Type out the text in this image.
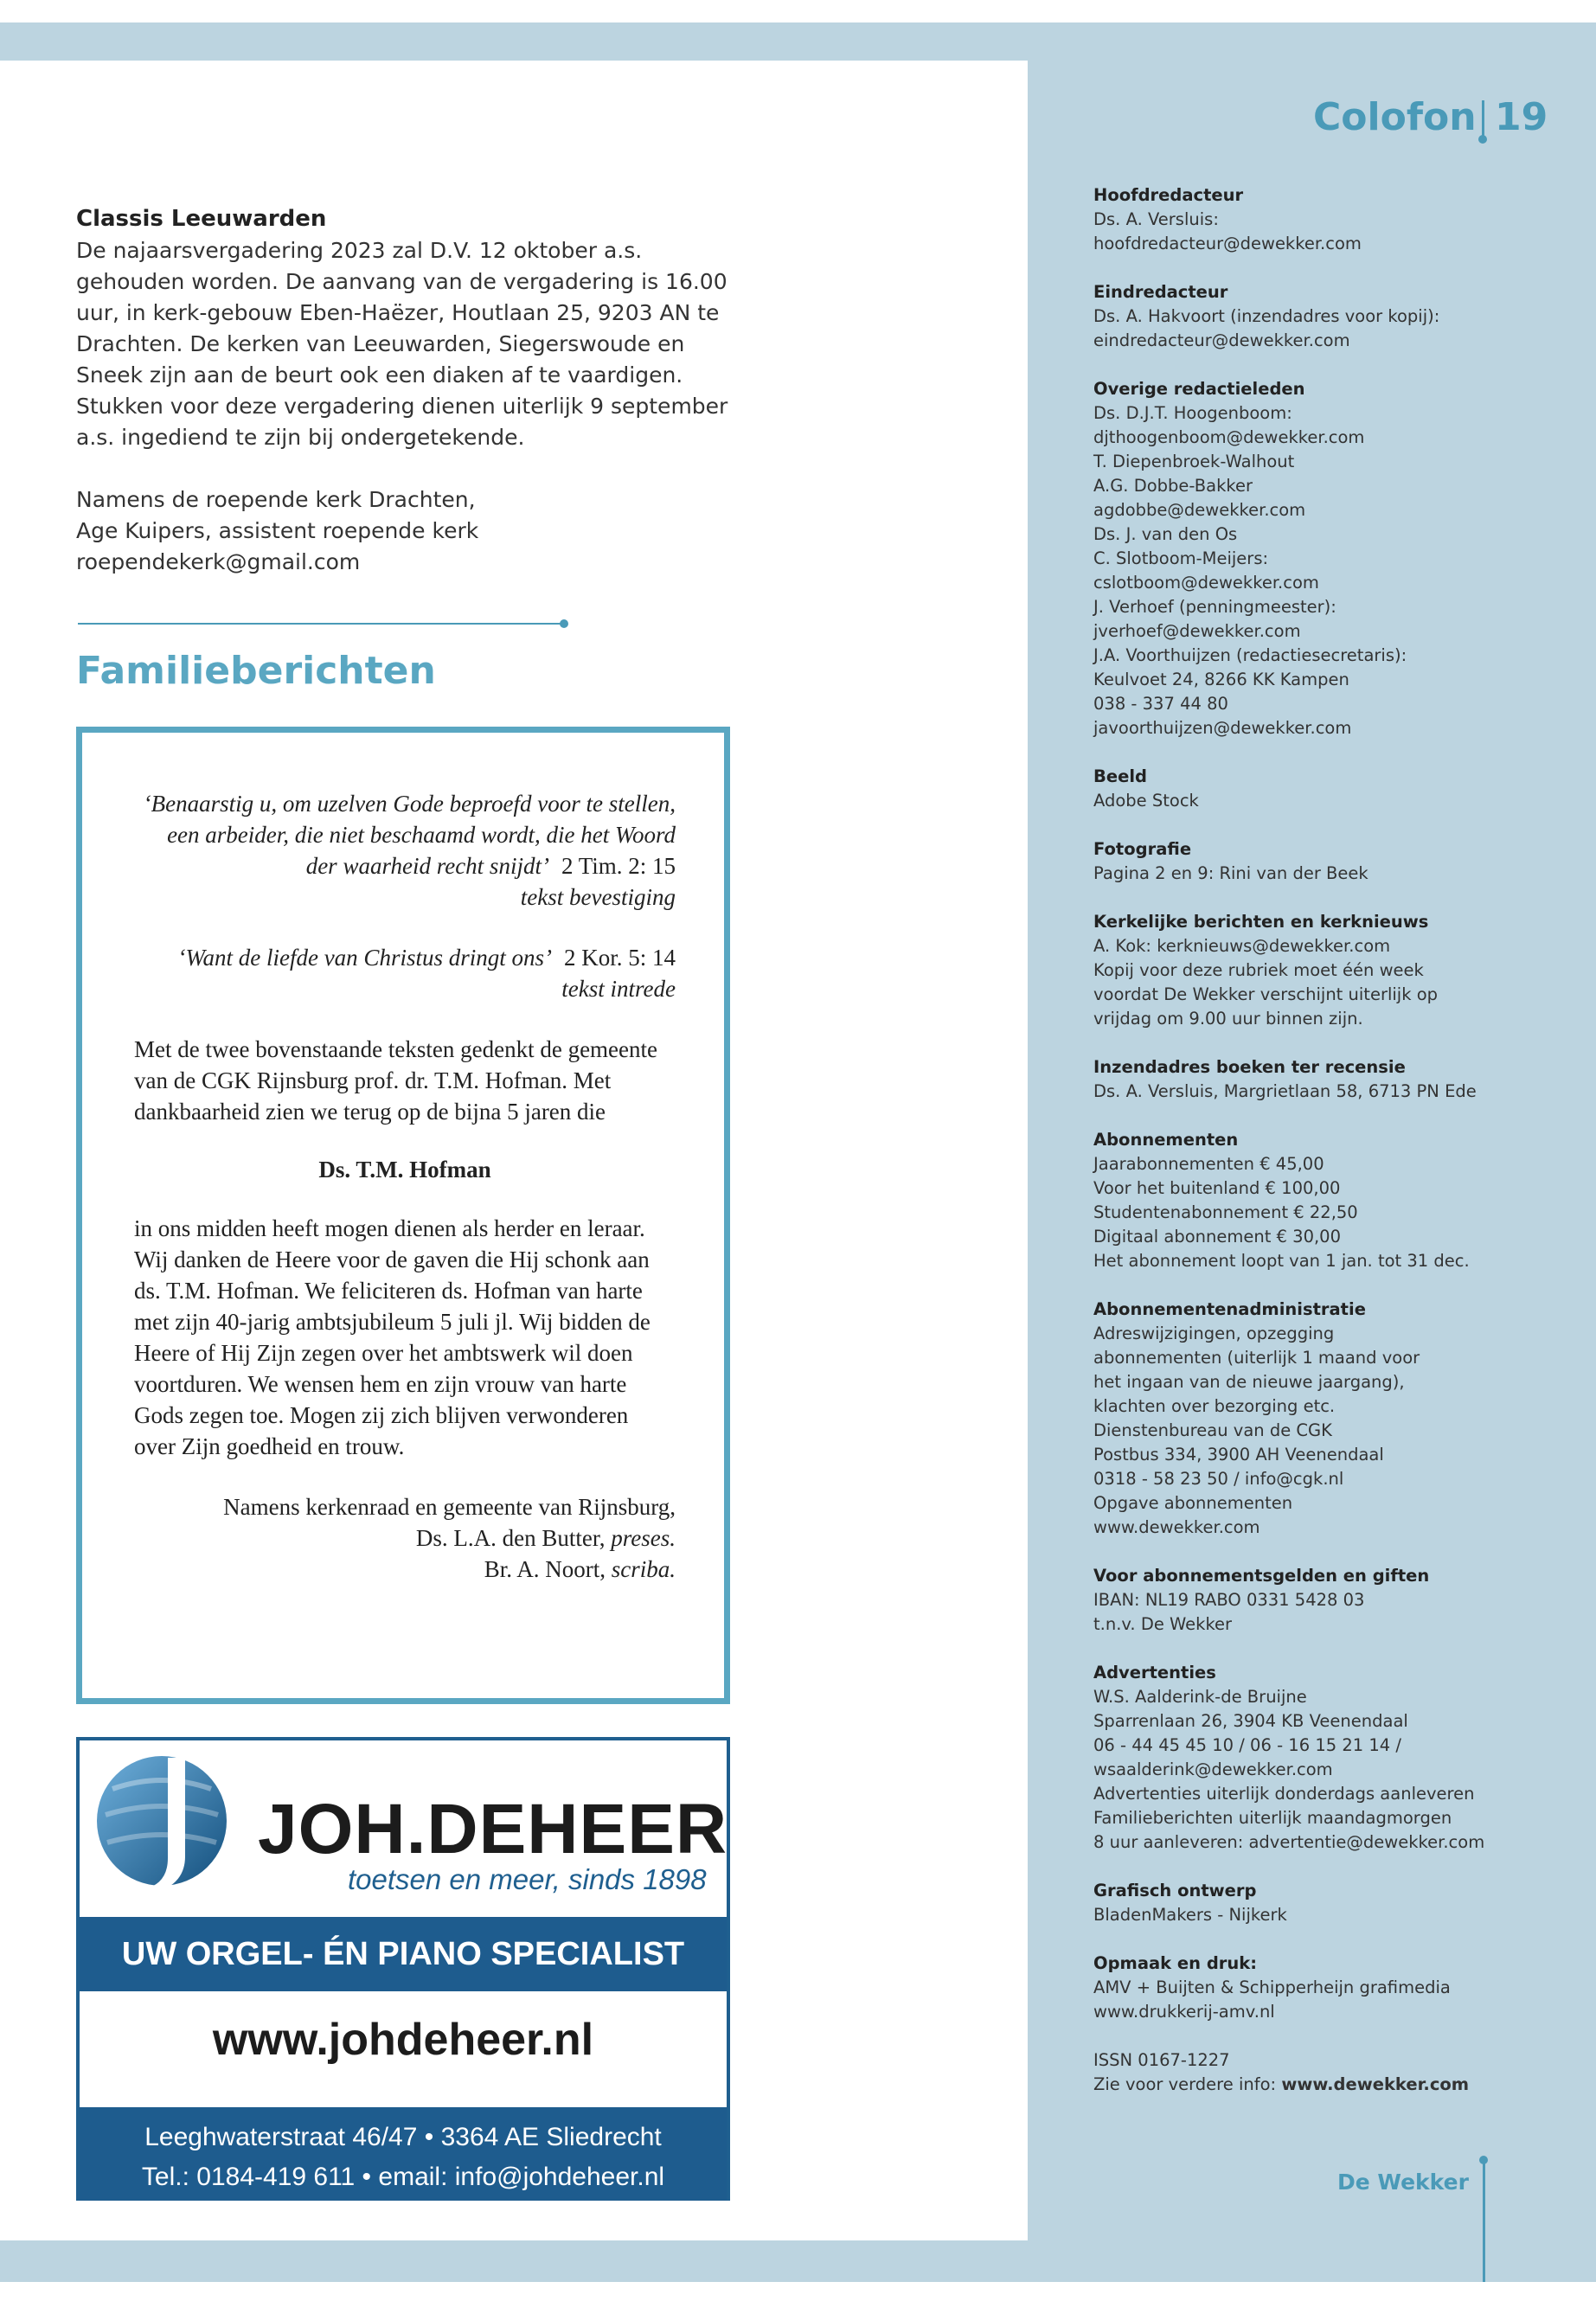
Classis Leeuwarden

De najaarsvergadering 2023 zal D.V. 12 oktober a.s. gehouden worden. De aanvang van de vergadering is 16.00 uur, in kerk-gebouw Eben-Haëzer, Houtlaan 25, 9203 AN te Drachten. De kerken van Leeuwarden, Siegerswoude en Sneek zijn aan de beurt ook een diaken af te vaardigen. Stukken voor deze vergadering dienen uiterlijk 9 september a.s. ingediend te zijn bij ondergetekende.

Namens de roepende kerk Drachten,
Age Kuipers, assistent roepende kerk
roependekerk@gmail.com

Familieberichten
‘Benaarstig u, om uzelven Gode beproefd voor te stellen, een arbeider, die niet beschaamd wordt, die het Woord der waarheid recht snijdt’ 2 Tim. 2: 15
tekst bevestiging
‘Want de liefde van Christus dringt ons’ 2 Kor. 5: 14
tekst intrede

Met de twee bovenstaande teksten gedenkt de gemeente van de CGK Rijnsburg prof. dr. T.M. Hofman. Met dankbaarheid zien we terug op de bijna 5 jaren die

Ds. T.M. Hofman

in ons midden heeft mogen dienen als herder en leraar. Wij danken de Heere voor de gaven die Hij schonk aan ds. T.M. Hofman. We feliciteren ds. Hofman van harte met zijn 40-jarig ambtsjubileum 5 juli jl. Wij bidden de Heere of Hij Zijn zegen over het ambtswerk wil doen voortduren. We wensen hem en zijn vrouw van harte Gods zegen toe. Mogen zij zich blijven verwonderen over Zijn goedheid en trouw.

Namens kerkenraad en gemeente van Rijnsburg,
Ds. L.A. den Butter, preses.
Br. A. Noort, scriba.

JOH.DEHEER
toetsen en meer, sinds 1898
UW ORGEL- ÉN PIANO SPECIALIST
www.johdeheer.nl
Leeghwaterstraat 46/47 • 3364 AE Sliedrecht
Tel.: 0184-419 611 • email: info@johdeheer.nl
Colofon 19
Hoofdredacteur
Ds. A. Versluis:
hoofdredacteur@dewekker.com
Eindredacteur
Ds. A. Hakvoort (inzendadres voor kopij):
eindredacteur@dewekker.com
Overige redactieleden
Ds. D.J.T. Hoogenboom:
djthoogenboom@dewekker.com
T. Diepenbroek-Walhout
A.G. Dobbe-Bakker
agdobbe@dewekker.com
Ds. J. van den Os
C. Slotboom-Meijers:
cslotboom@dewekker.com
J. Verhoef (penningmeester):
jverhoef@dewekker.com
J.A. Voorthuijzen (redactiesecretaris):
Keulvoet 24, 8266 KK Kampen
038 - 337 44 80
javoorthuijzen@dewekker.com
Beeld
Adobe Stock
Fotografie
Pagina 2 en 9: Rini van der Beek
Kerkelijke berichten en kerknieuws
A. Kok: kerknieuws@dewekker.com
Kopij voor deze rubriek moet één week
voordat De Wekker verschijnt uiterlijk op
vrijdag om 9.00 uur binnen zijn.
Inzendadres boeken ter recensie
Ds. A. Versluis, Margrietlaan 58, 6713 PN Ede
Abonnementen
Jaarabonnementen € 45,00
Voor het buitenland € 100,00
Studentenabonnement € 22,50
Digitaal abonnement € 30,00
Het abonnement loopt van 1 jan. tot 31 dec.
Abonnementenadministratie
Adreswijzigingen, opzegging
abonnementen (uiterlijk 1 maand voor
het ingaan van de nieuwe jaargang),
klachten over bezorging etc.
Dienstenbureau van de CGK
Postbus 334, 3900 AH Veenendaal
0318 - 58 23 50 / info@cgk.nl
Opgave abonnementen
www.dewekker.com
Voor abonnementsgelden en giften
IBAN: NL19 RABO 0331 5428 03
t.n.v. De Wekker
Advertenties
W.S. Aalderink-de Bruijne
Sparrenlaan 26, 3904 KB Veenendaal
06 - 44 45 45 10 / 06 - 16 15 21 14 /
wsaalderink@dewekker.com
Advertenties uiterlijk donderdags aanleveren
Familieberichten uiterlijk maandagmorgen
8 uur aanleveren: advertentie@dewekker.com
Grafisch ontwerp
BladenMakers - Nijkerk
Opmaak en druk:
AMV + Buijten & Schipperheijn grafimedia
www.drukkerij-amv.nl
ISSN 0167-1227
Zie voor verdere info: www.dewekker.com
De Wekker
